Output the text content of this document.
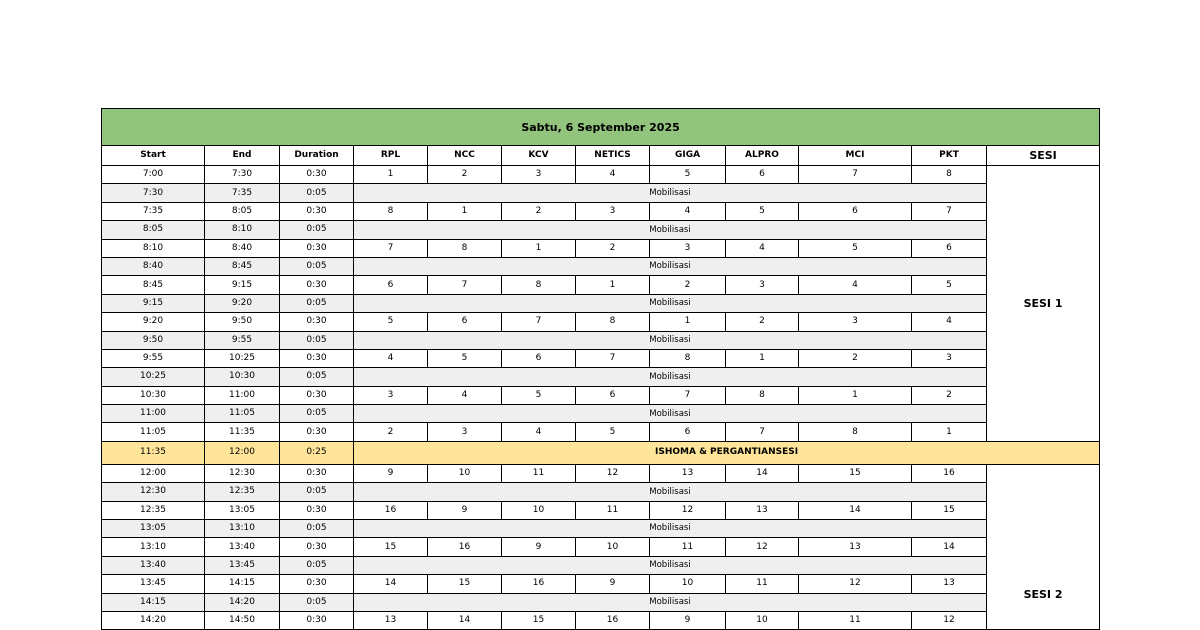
Sabtu, 6 September 2025											
Start	End	Duration	RPL	NCC	KCV	NETICS	GIGA	ALPRO	MCI	PKT	SESI
7:00	7:30	0:30	1	2	3	4	5	6	7	8	SESI 1
7:30	7:35	0:05	Mobilisasi								
7:35	8:05	0:30	8	1	2	3	4	5	6	7	
8:05	8:10	0:05	Mobilisasi								
8:10	8:40	0:30	7	8	1	2	3	4	5	6	
8:40	8:45	0:05	Mobilisasi								
8:45	9:15	0:30	6	7	8	1	2	3	4	5	
9:15	9:20	0:05	Mobilisasi								
9:20	9:50	0:30	5	6	7	8	1	2	3	4	
9:50	9:55	0:05	Mobilisasi								
9:55	10:25	0:30	4	5	6	7	8	1	2	3	
10:25	10:30	0:05	Mobilisasi								
10:30	11:00	0:30	3	4	5	6	7	8	1	2	
11:00	11:05	0:05	Mobilisasi								
11:05	11:35	0:30	2	3	4	5	6	7	8	1	
11:35	12:00	0:25	ISHOMA & PERGANTIANSESI								
12:00	12:30	0:30	9	10	11	12	13	14	15	16	SESI 2
12:30	12:35	0:05	Mobilisasi								
12:35	13:05	0:30	16	9	10	11	12	13	14	15	
13:05	13:10	0:05	Mobilisasi								
13:10	13:40	0:30	15	16	9	10	11	12	13	14	
13:40	13:45	0:05	Mobilisasi								
13:45	14:15	0:30	14	15	16	9	10	11	12	13	
14:15	14:20	0:05	Mobilisasi								
14:20	14:50	0:30	13	14	15	16	9	10	11	12	
